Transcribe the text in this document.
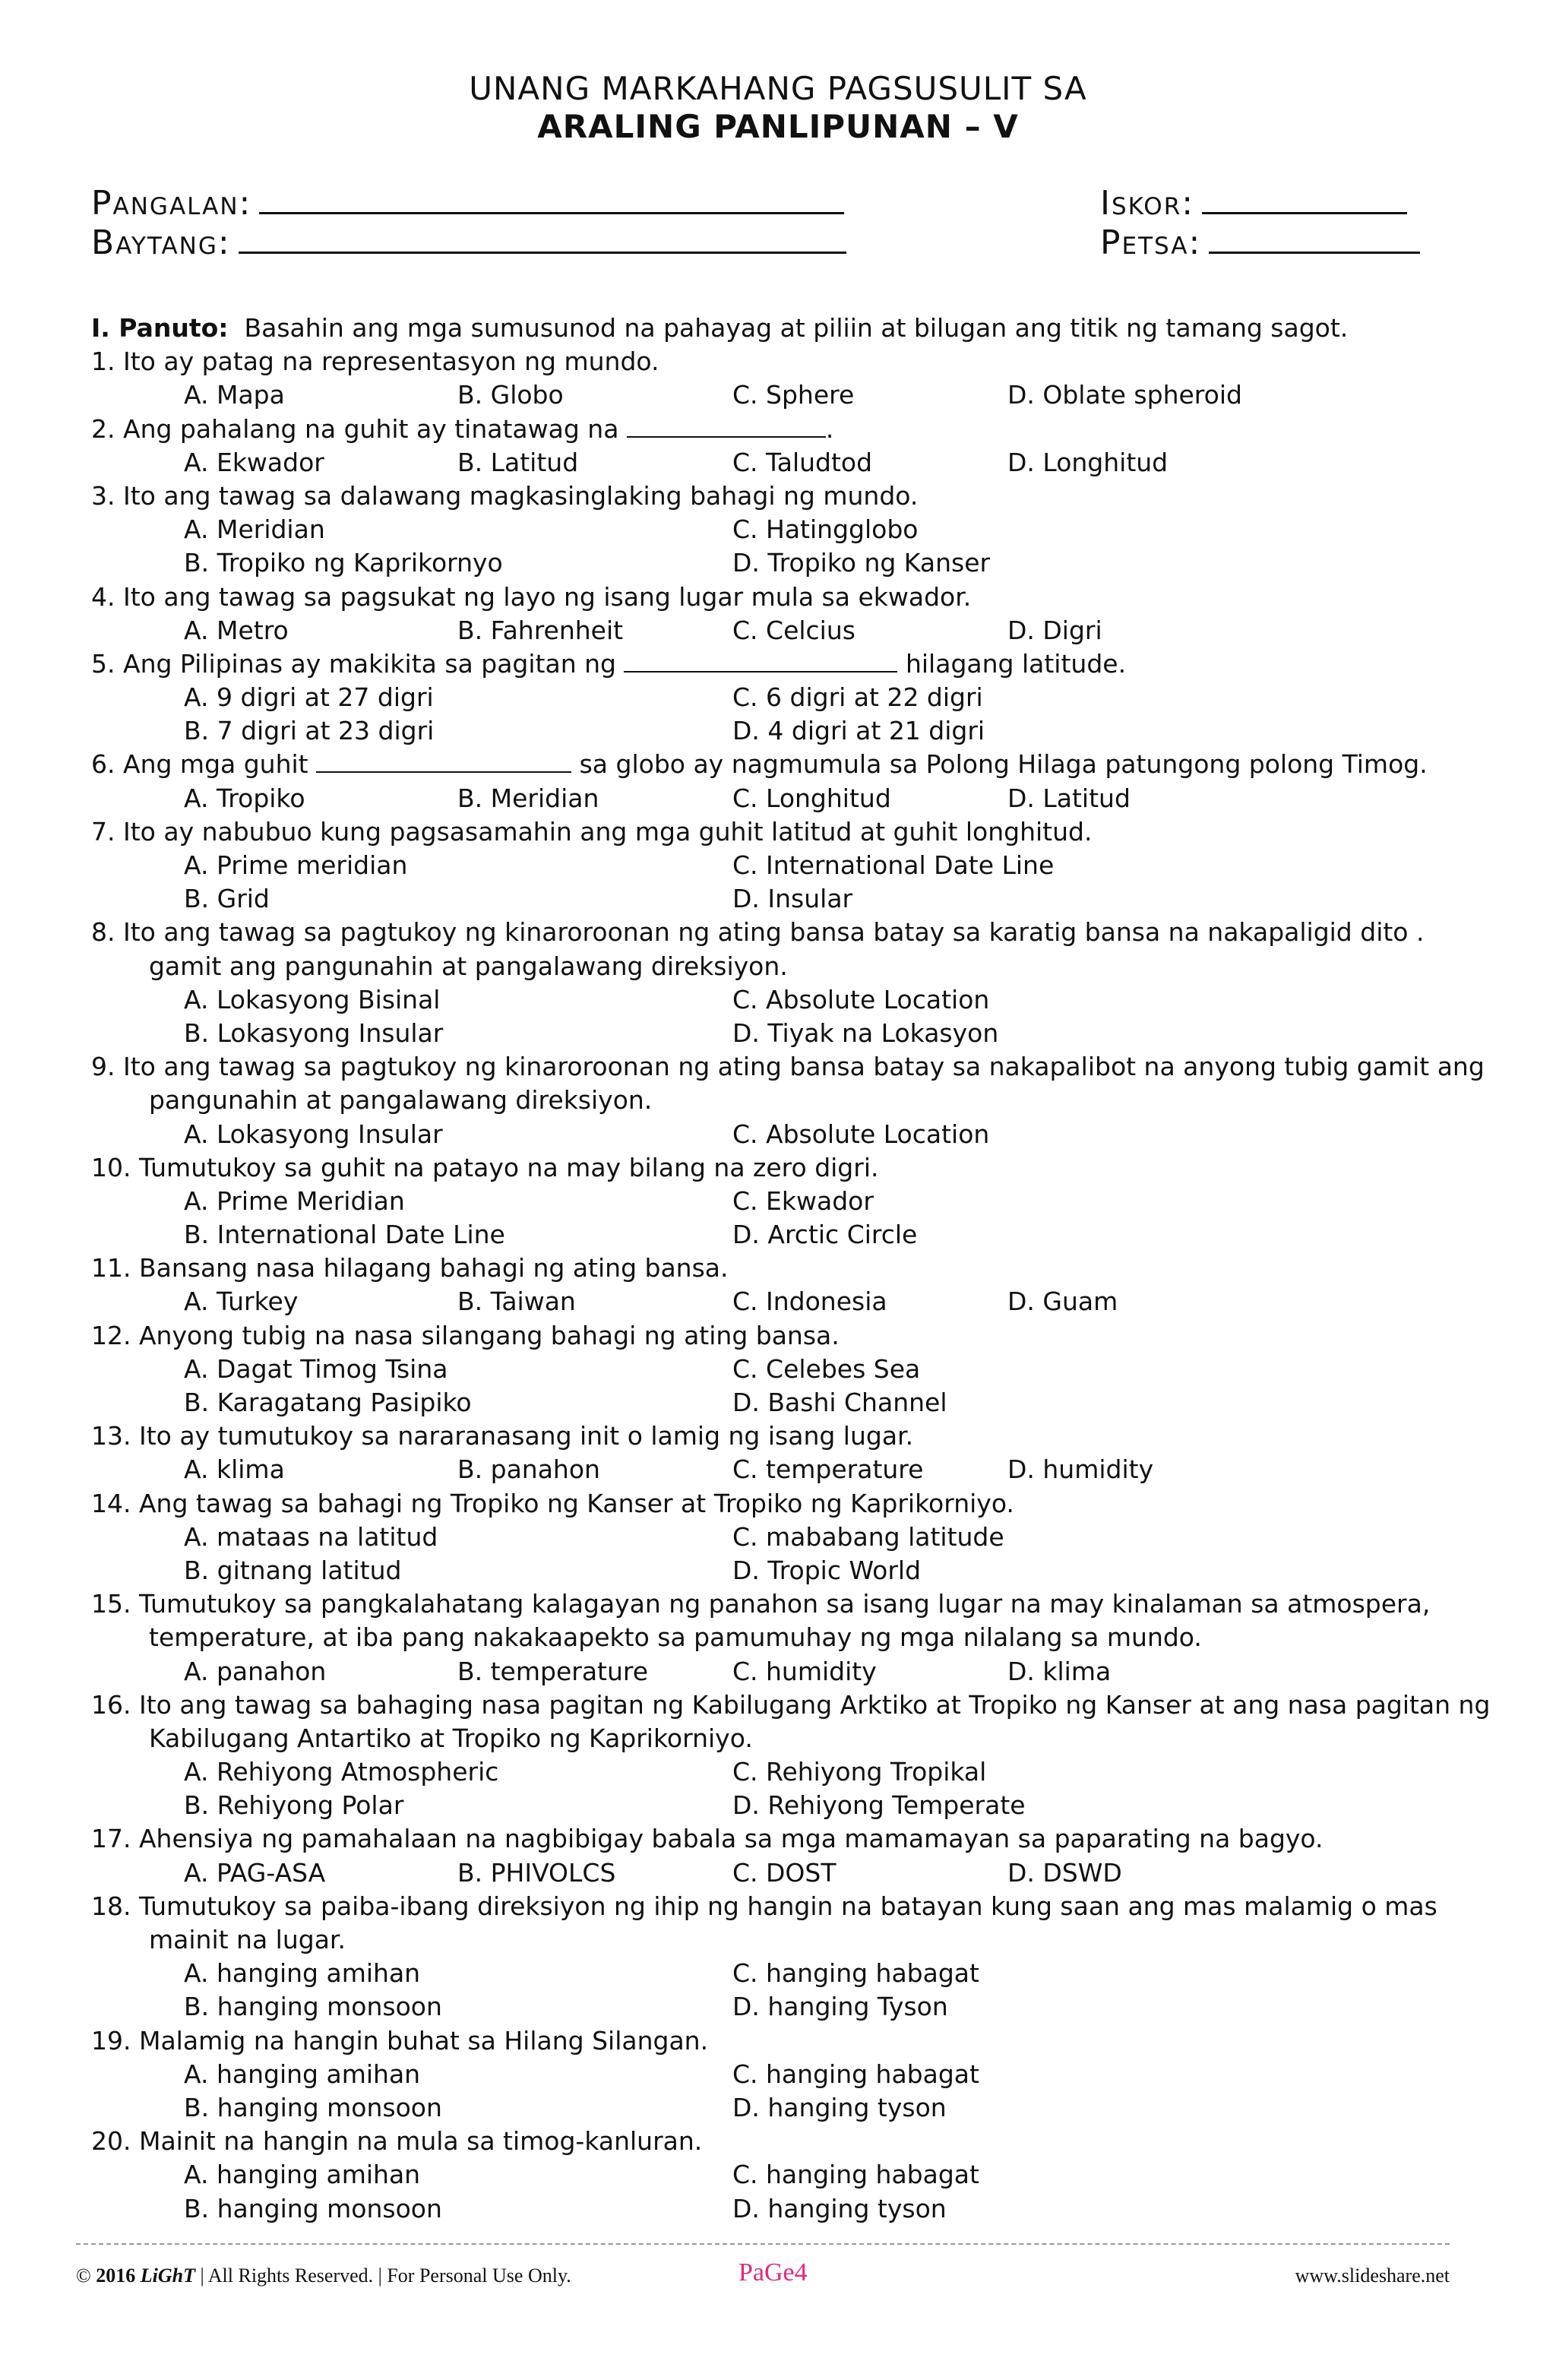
UNANG MARKAHANG PAGSUSULIT SA
ARALING PANLIPUNAN – V
Pangalan:
Baytang:
Iskor:
Petsa:
I. Panuto: Basahin ang mga sumusunod na pahayag at piliin at bilugan ang titik ng tamang sagot.
1. Ito ay patag na representasyon ng mundo.
A. Mapa	B. Globo	C. Sphere	D. Oblate spheroid
2. Ang pahalang na guhit ay tinatawag na	.
A. Ekwador	B. Latitud	C. Taludtod	D. Longhitud
3. Ito ang tawag sa dalawang magkasinglaking bahagi ng mundo.
A. Meridian	C. Hatingglobo
B. Tropiko ng Kaprikornyo	D. Tropiko ng Kanser
4. Ito ang tawag sa pagsukat ng layo ng isang lugar mula sa ekwador.
A. Metro	B. Fahrenheit	C. Celcius	D. Digri
5. Ang Pilipinas ay makikita sa pagitan ng	hilagang latitude.
A. 9 digri at 27 digri	C. 6 digri at 22 digri
B. 7 digri at 23 digri	D. 4 digri at 21 digri
6. Ang mga guhit	sa globo ay nagmumula sa Polong Hilaga patungong polong Timog.
A. Tropiko	B. Meridian	C. Longhitud	D. Latitud
7. Ito ay nabubuo kung pagsasamahin ang mga guhit latitud at guhit longhitud.
A. Prime meridian	C. International Date Line
B. Grid	D. Insular
8. Ito ang tawag sa pagtukoy ng kinaroroonan ng ating bansa batay sa karatig bansa na nakapaligid dito .
gamit ang pangunahin at pangalawang direksiyon.
A. Lokasyong Bisinal	C. Absolute Location
B. Lokasyong Insular	D. Tiyak na Lokasyon
9. Ito ang tawag sa pagtukoy ng kinaroroonan ng ating bansa batay sa nakapalibot na anyong tubig gamit ang
pangunahin at pangalawang direksiyon.
A. Lokasyong Insular	C. Absolute Location
10. Tumutukoy sa guhit na patayo na may bilang na zero digri.
A. Prime Meridian	C. Ekwador
B. International Date Line	D. Arctic Circle
11. Bansang nasa hilagang bahagi ng ating bansa.
A. Turkey	B. Taiwan	C. Indonesia	D. Guam
12. Anyong tubig na nasa silangang bahagi ng ating bansa.
A. Dagat Timog Tsina	C. Celebes Sea
B. Karagatang Pasipiko	D. Bashi Channel
13. Ito ay tumutukoy sa nararanasang init o lamig ng isang lugar.
A. klima	B. panahon	C. temperature	D. humidity
14. Ang tawag sa bahagi ng Tropiko ng Kanser at Tropiko ng Kaprikorniyo.
A. mataas na latitud	C. mababang latitude
B. gitnang latitud	D. Tropic World
15. Tumutukoy sa pangkalahatang kalagayan ng panahon sa isang lugar na may kinalaman sa atmospera,
temperature, at iba pang nakakaapekto sa pamumuhay ng mga nilalang sa mundo.
A. panahon	B. temperature	C. humidity	D. klima
16. Ito ang tawag sa bahaging nasa pagitan ng Kabilugang Arktiko at Tropiko ng Kanser at ang nasa pagitan ng
Kabilugang Antartiko at Tropiko ng Kaprikorniyo.
A. Rehiyong Atmospheric	C. Rehiyong Tropikal
B. Rehiyong Polar	D. Rehiyong Temperate
17. Ahensiya ng pamahalaan na nagbibigay babala sa mga mamamayan sa paparating na bagyo.
A. PAG-ASA	B. PHIVOLCS	C. DOST	D. DSWD
18. Tumutukoy sa paiba-ibang direksiyon ng ihip ng hangin na batayan kung saan ang mas malamig o mas
mainit na lugar.
A. hanging amihan	C. hanging habagat
B. hanging monsoon	D. hanging Tyson
19. Malamig na hangin buhat sa Hilang Silangan.
A. hanging amihan	C. hanging habagat
B. hanging monsoon	D. hanging tyson
20. Mainit na hangin na mula sa timog-kanluran.
A. hanging amihan	C. hanging habagat
B. hanging monsoon	D. hanging tyson
© 2016 LiGhT | All Rights Reserved. | For Personal Use Only.	PaGe4	www.slideshare.net
